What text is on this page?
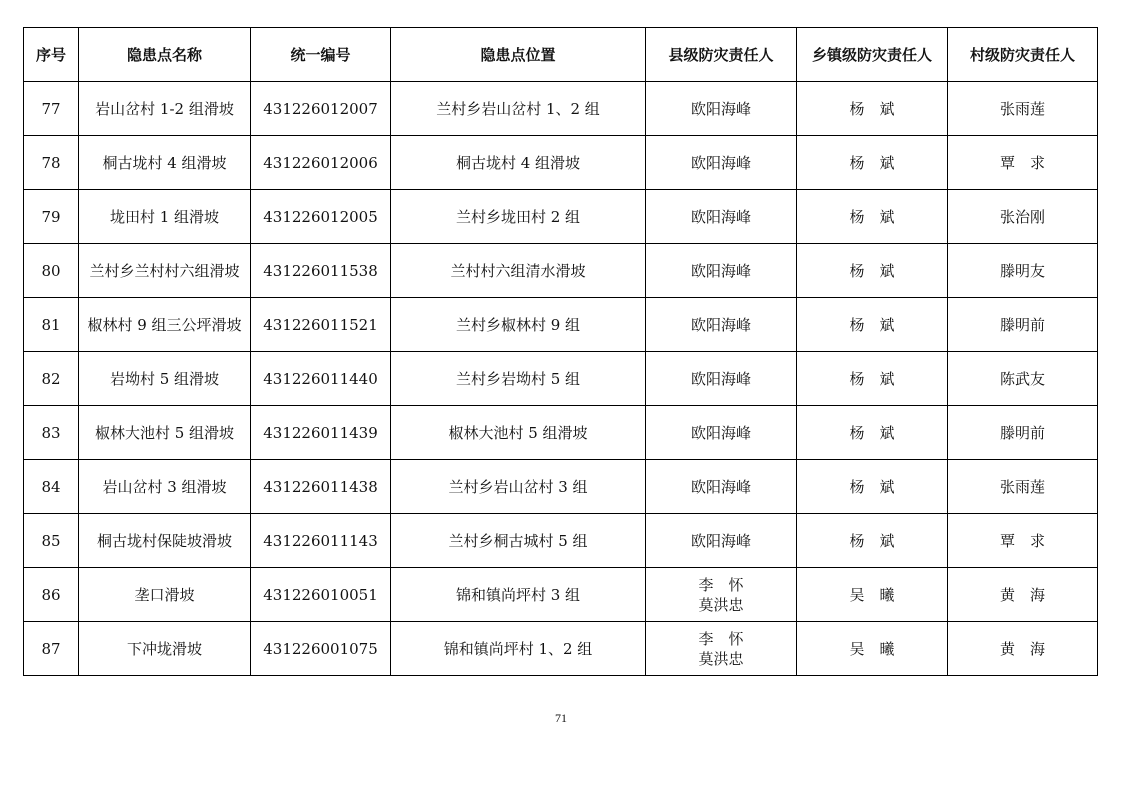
序号	隐患点名称	统一编号	隐患点位置	县级防灾责任人	乡镇级防灾责任人	村级防灾责任人
77	岩山岔村 1-2 组滑坡	431226012007	兰村乡岩山岔村 1、2 组	欧阳海峰	杨　斌	张雨莲
78	桐古垅村 4 组滑坡	431226012006	桐古垅村 4 组滑坡	欧阳海峰	杨　斌	覃　求
79	垅田村 1 组滑坡	431226012005	兰村乡垅田村 2 组	欧阳海峰	杨　斌	张治刚
80	兰村乡兰村村六组滑坡	431226011538	兰村村六组清水滑坡	欧阳海峰	杨　斌	滕明友
81	椒林村 9 组三公坪滑坡	431226011521	兰村乡椒林村 9 组	欧阳海峰	杨　斌	滕明前
82	岩坳村 5 组滑坡	431226011440	兰村乡岩坳村 5 组	欧阳海峰	杨　斌	陈武友
83	椒林大池村 5 组滑坡	431226011439	椒林大池村 5 组滑坡	欧阳海峰	杨　斌	滕明前
84	岩山岔村 3 组滑坡	431226011438	兰村乡岩山岔村 3 组	欧阳海峰	杨　斌	张雨莲
85	桐古垅村保陡坡滑坡	431226011143	兰村乡桐古城村 5 组	欧阳海峰	杨　斌	覃　求
86	垄口滑坡	431226010051	锦和镇尚坪村 3 组	李　怀
莫洪忠	吴　曦	黄　海
87	下冲垅滑坡	431226001075	锦和镇尚坪村 1、2 组	李　怀
莫洪忠	吴　曦	黄　海
71
